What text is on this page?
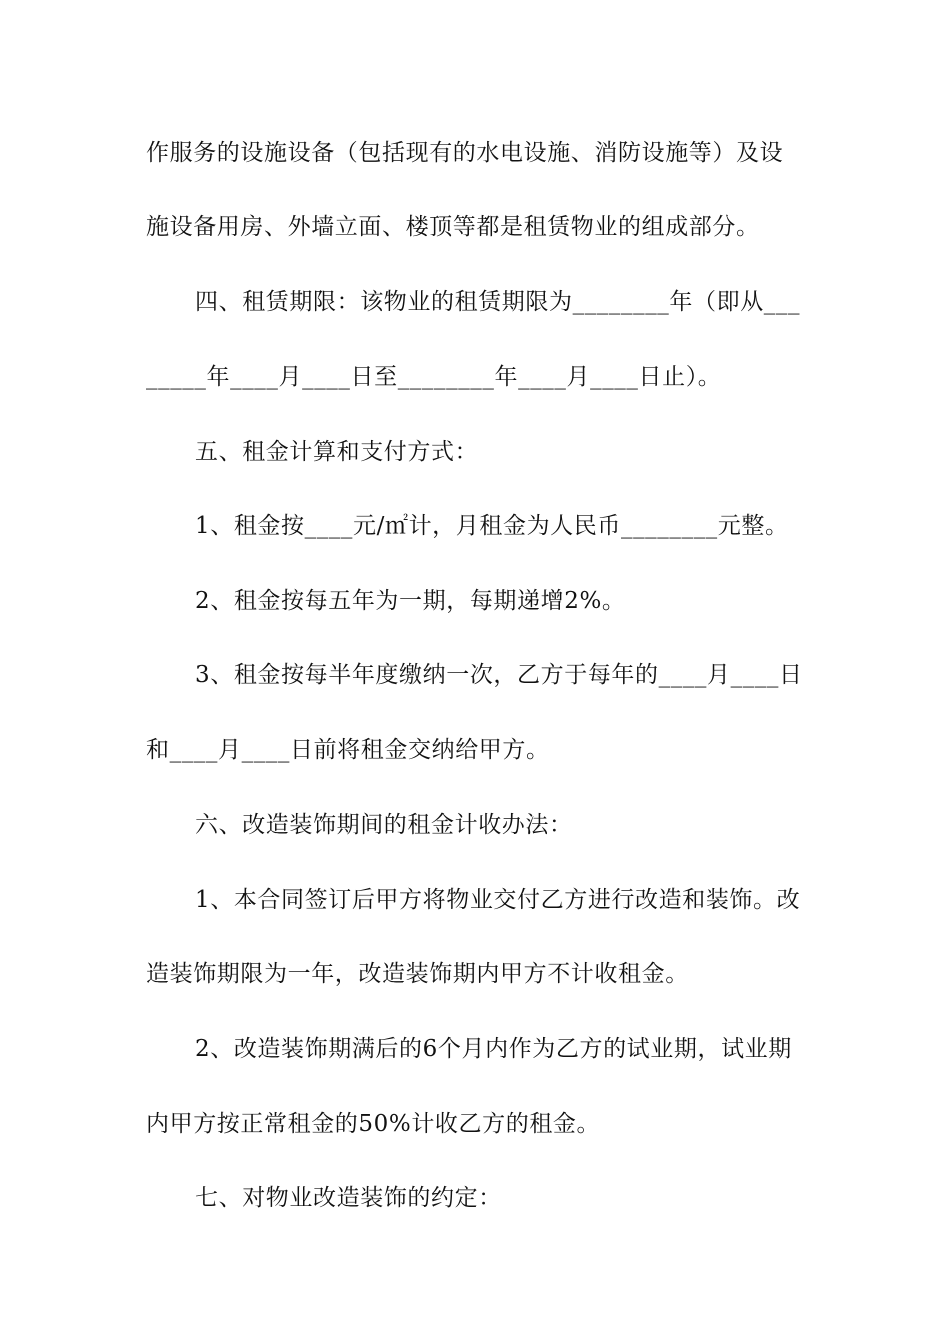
作服务的设施设备（包括现有的水电设施、消防设施等）及设
施设备用房、外墙立面、楼顶等都是租赁物业的组成部分。
四、租赁期限：该物业的租赁期限为________年（即从___
_____年____月____日至________年____月____日止）。
五、租金计算和支付方式：
1、租金按____元/㎡计，月租金为人民币________元整。
2、租金按每五年为一期，每期递增2%。
3、租金按每半年度缴纳一次，乙方于每年的____月____日
和____月____日前将租金交纳给甲方。
六、改造装饰期间的租金计收办法：
1、本合同签订后甲方将物业交付乙方进行改造和装饰。改
造装饰期限为一年，改造装饰期内甲方不计收租金。
2、改造装饰期满后的6个月内作为乙方的试业期，试业期
内甲方按正常租金的50%计收乙方的租金。
七、对物业改造装饰的约定：
